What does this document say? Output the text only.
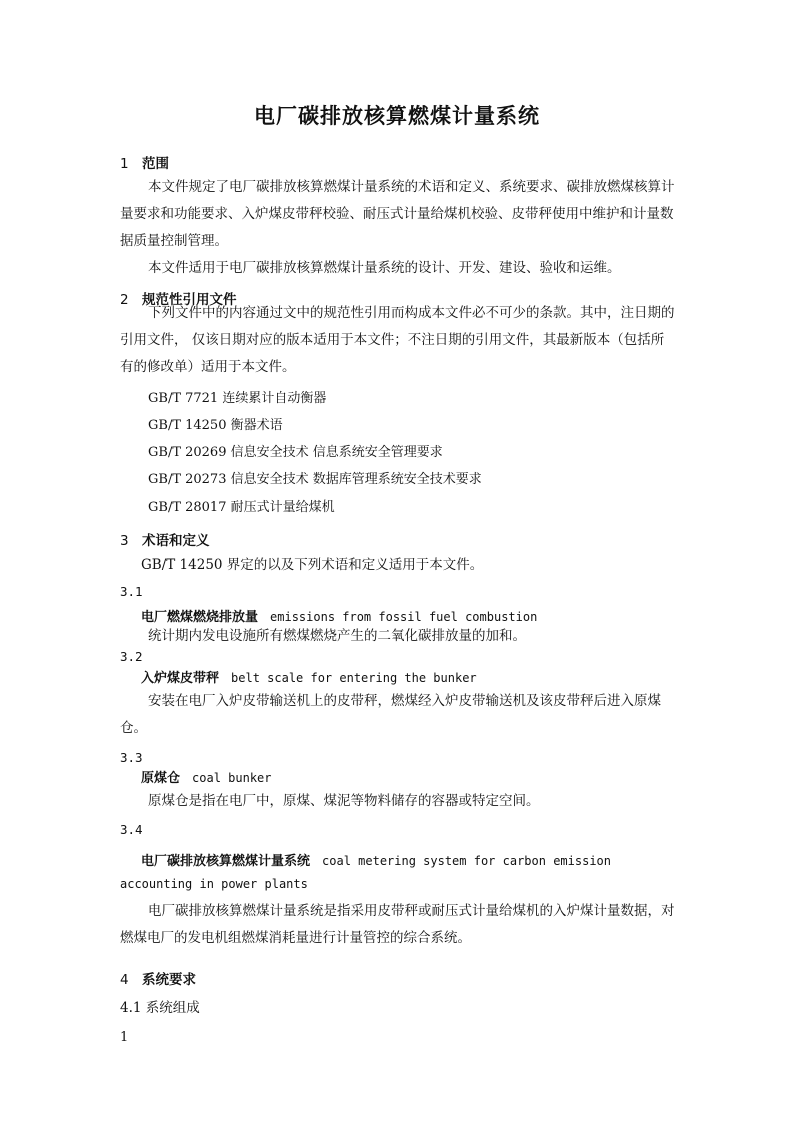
电厂碳排放核算燃煤计量系统
1 范围
本文件规定了电厂碳排放核算燃煤计量系统的术语和定义、系统要求、碳排放燃煤核算计量要求和功能要求、入炉煤皮带秤校验、耐压式计量给煤机校验、皮带秤使用中维护和计量数据质量控制管理。
本文件适用于电厂碳排放核算燃煤计量系统的设计、开发、建设、验收和运维。
2 规范性引用文件
下列文件中的内容通过文中的规范性引用而构成本文件必不可少的条款。其中，注日期的引用文件， 仅该日期对应的版本适用于本文件；不注日期的引用文件，其最新版本（包括所有的修改单）适用于本文件。
GB/T 7721 连续累计自动衡器
GB/T 14250 衡器术语
GB/T 20269 信息安全技术 信息系统安全管理要求
GB/T 20273 信息安全技术 数据库管理系统安全技术要求
GB/T 28017 耐压式计量给煤机
3 术语和定义
GB/T 14250 界定的以及下列术语和定义适用于本文件。
3.1
电厂燃煤燃烧排放量 emissions from fossil fuel combustion
统计期内发电设施所有燃煤燃烧产生的二氧化碳排放量的加和。
3.2
入炉煤皮带秤 belt scale for entering the bunker
安装在电厂入炉皮带输送机上的皮带秤，燃煤经入炉皮带输送机及该皮带秤后进入原煤仓。
3.3
原煤仓 coal bunker
原煤仓是指在电厂中，原煤、煤泥等物料储存的容器或特定空间。
3.4
电厂碳排放核算燃煤计量系统 coal metering system for carbon emission
accounting in power plants
电厂碳排放核算燃煤计量系统是指采用皮带秤或耐压式计量给煤机的入炉煤计量数据，对燃煤电厂的发电机组燃煤消耗量进行计量管控的综合系统。
4 系统要求
4.1 系统组成
1
